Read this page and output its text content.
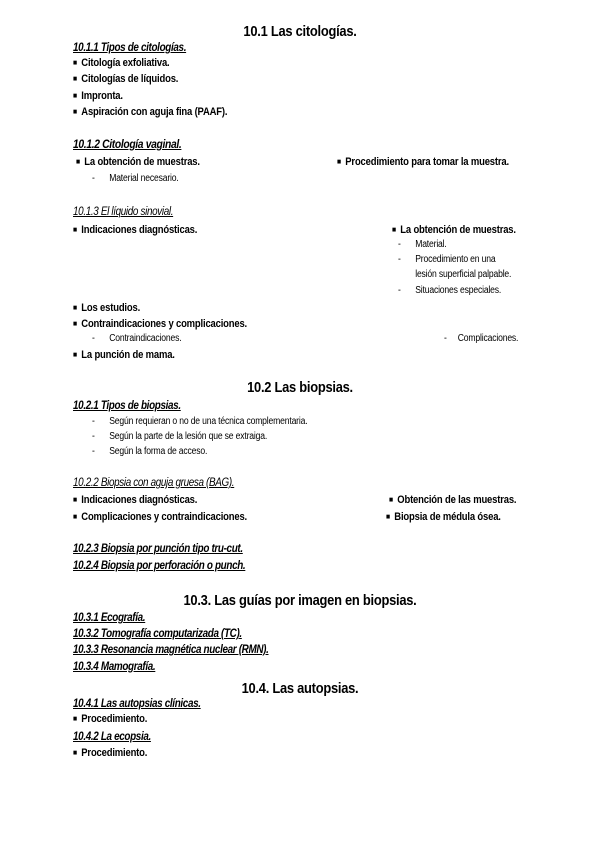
10.1 Las citologías.
10.1.1 Tipos de citologías.
■ Citología exfoliativa.
■ Citologías de líquidos.
■ Impronta.
■ Aspiración con aguja fina (PAAF).
10.1.2 Citología vaginal.
■ La obtención de muestras.
- Material necesario.
■ Procedimiento para tomar la muestra.
10.1.3 El líquido sinovial.
■ Indicaciones diagnósticas.	■ La obtención de muestras.
- Material.
- Procedimiento en una
lesión superficial palpable.
- Situaciones especiales.
■ Los estudios.
■ Contraindicaciones y complicaciones.
- Contraindicaciones.	- Complicaciones.
■ La punción de mama.
10.2 Las biopsias.
10.2.1 Tipos de biopsias.
- Según requieran o no de una técnica complementaria.
- Según la parte de la lesión que se extraiga.
- Según la forma de acceso.
10.2.2 Biopsia con aguja gruesa (BAG).
■ Indicaciones diagnósticas.	■ Obtención de las muestras.
■ Complicaciones y contraindicaciones.	■ Biopsia de médula ósea.
10.2.3 Biopsia por punción tipo tru-cut.
10.2.4 Biopsia por perforación o punch.
10.3. Las guías por imagen en biopsias.
10.3.1 Ecografía.
10.3.2 Tomografía computarizada (TC).
10.3.3 Resonancia magnética nuclear (RMN).
10.3.4 Mamografía.
10.4. Las autopsias.
10.4.1 Las autopsias clínicas.
■ Procedimiento.
10.4.2 La ecopsia.
■ Procedimiento.
